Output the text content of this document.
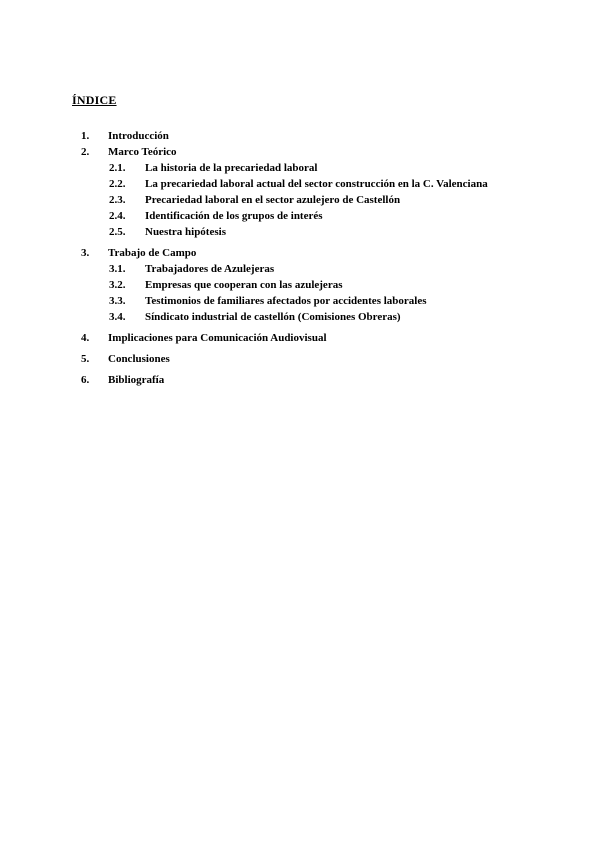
ÍNDICE
1. Introducción
2. Marco Teórico
2.1. La historia de la precariedad laboral
2.2. La precariedad laboral actual del sector construcción en la C. Valenciana
2.3. Precariedad laboral en el sector azulejero de Castellón
2.4. Identificación de los grupos de interés
2.5. Nuestra hipótesis
3. Trabajo de Campo
3.1. Trabajadores de Azulejeras
3.2. Empresas que cooperan con las azulejeras
3.3. Testimonios de familiares afectados por accidentes laborales
3.4. Síndicato industrial de castellón (Comisiones Obreras)
4. Implicaciones para Comunicación Audiovisual
5. Conclusiones
6. Bibliografía
